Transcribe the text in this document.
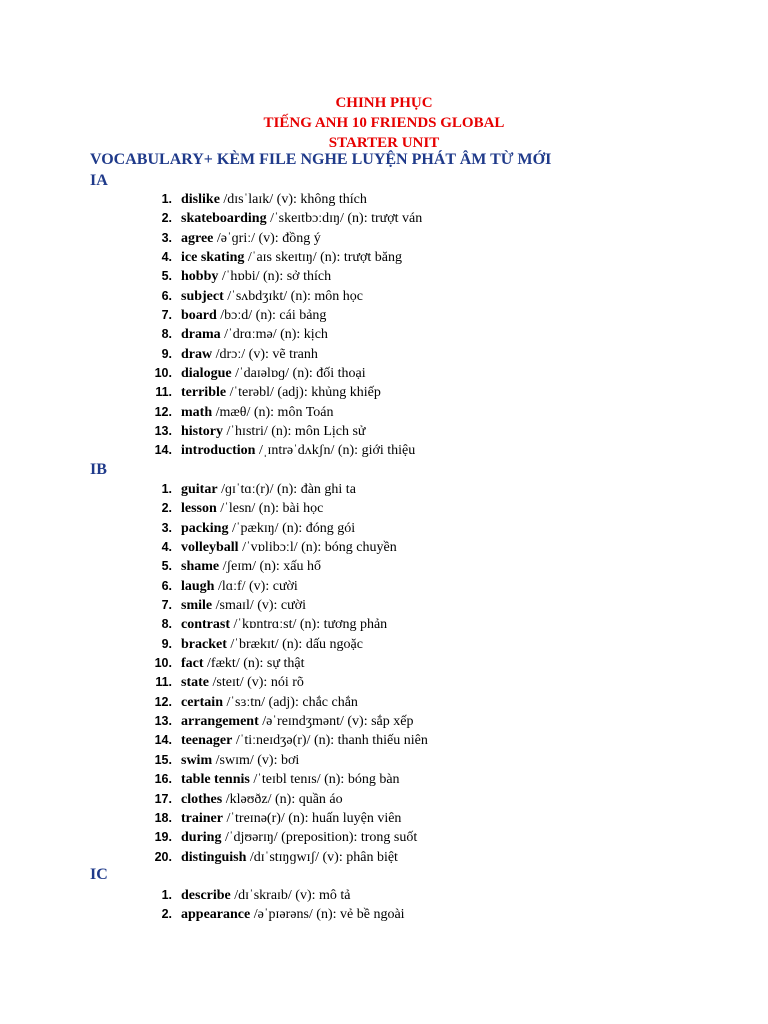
CHINH PHỤC
TIẾNG ANH 10 FRIENDS GLOBAL
STARTER UNIT
VOCABULARY+ KÈM FILE NGHE LUYỆN PHÁT ÂM TỪ MỚI
IA
1. dislike /dɪsˈlaɪk/ (v): không thích
2. skateboarding /ˈskeɪtbɔːdɪŋ/ (n): trượt ván
3. agree /əˈɡriː/ (v): đồng ý
4. ice skating /ˈaɪs skeɪtɪŋ/ (n): trượt băng
5. hobby /ˈhɒbi/ (n): sở thích
6. subject /ˈsʌbdʒɪkt/ (n): môn học
7. board /bɔːd/ (n): cái bảng
8. drama /ˈdrɑːmə/ (n): kịch
9. draw /drɔː/ (v): vẽ tranh
10. dialogue /ˈdaɪəlɒɡ/ (n): đối thoại
11. terrible /ˈterəbl/ (adj): khủng khiếp
12. math /mæθ/ (n): môn Toán
13. history /ˈhɪstri/ (n): môn Lịch sử
14. introduction /ˌɪntrəˈdʌkʃn/ (n): giới thiệu
IB
1. guitar /ɡɪˈtɑː(r)/ (n): đàn ghi ta
2. lesson /ˈlesn/ (n): bài học
3. packing /ˈpækɪŋ/ (n): đóng gói
4. volleyball /ˈvɒlibɔːl/ (n): bóng chuyền
5. shame /ʃeɪm/ (n): xấu hổ
6. laugh /lɑːf/ (v): cười
7. smile /smaɪl/ (v): cười
8. contrast /ˈkɒntrɑːst/ (n): tương phản
9. bracket /ˈbrækɪt/ (n): dấu ngoặc
10. fact /fækt/ (n): sự thật
11. state /steɪt/ (v): nói rõ
12. certain /ˈsɜːtn/ (adj): chắc chắn
13. arrangement /əˈreɪndʒmənt/ (v): sắp xếp
14. teenager /ˈtiːneɪdʒə(r)/ (n): thanh thiếu niên
15. swim /swɪm/ (v): bơi
16. table tennis /ˈteɪbl tenɪs/ (n): bóng bàn
17. clothes /kləʊðz/ (n): quần áo
18. trainer /ˈtreɪnə(r)/ (n): huấn luyện viên
19. during /ˈdjʊərɪŋ/ (preposition): trong suốt
20. distinguish /dɪˈstɪŋɡwɪʃ/ (v): phân biệt
IC
1. describe /dɪˈskraɪb/ (v): mô tả
2. appearance /əˈpɪərəns/ (n): vẻ bề ngoài
